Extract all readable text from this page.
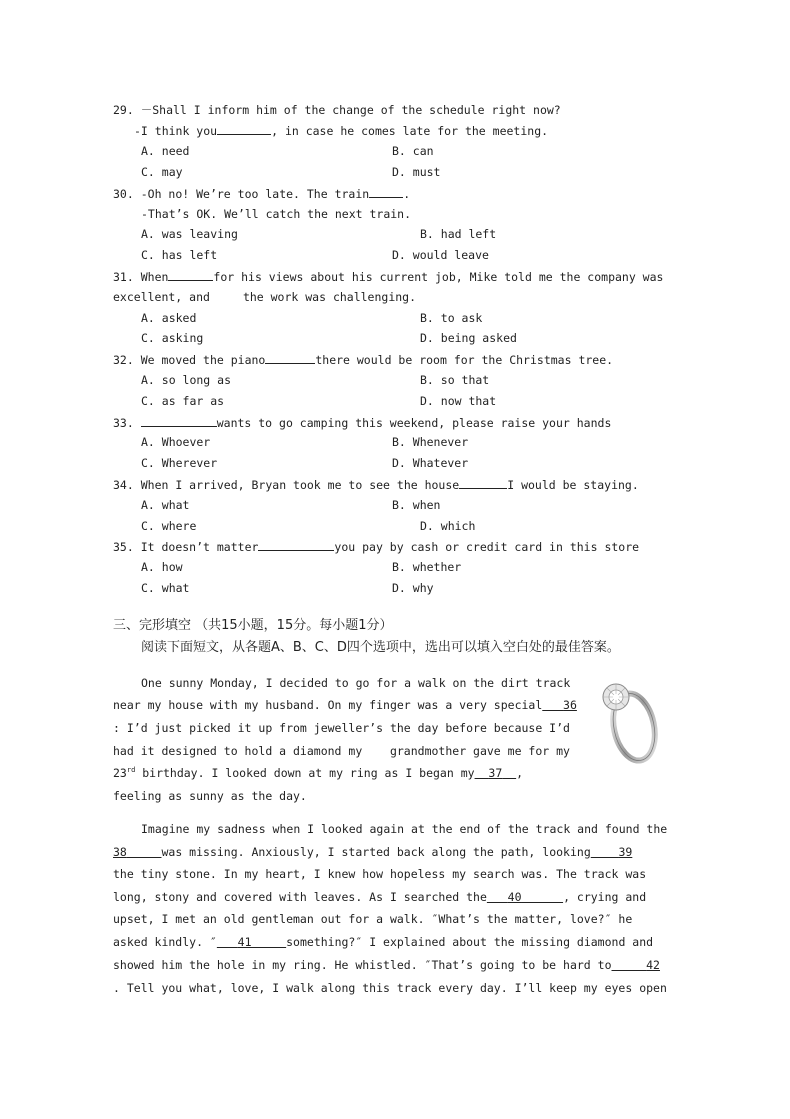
29. －Shall I inform him of the change of the schedule right now?
-I think you	, in case he comes late for the meeting.
A. need	B. can
C. may	D. must
30. -Oh no! We’re too late. The train	.
-That’s OK. We’ll catch the next train.
A. was leaving	B. had left
C. has left	D. would leave
31. When	for his views about his current job, Mike told me the company was
excellent, and	the work was challenging.
A. asked	B. to ask
C. asking	D. being asked
32. We moved the piano	there would be room for the Christmas tree.
A. so long as	B. so that
C. as far as	D. now that
33.	wants to go camping this weekend, please raise your hands
A. Whoever	B. Whenever
C. Wherever	D. Whatever
34. When I arrived, Bryan took me to see the house	I would be staying.
A. what	B. when
C. where	D. which
35. It doesn’t matter	you pay by cash or credit card in this store
A. how	B. whether
C. what	D. why
三、完形填空 （共15小题，15分。每小题1分）
阅读下面短文，从各题A、B、C、D四个选项中，选出可以填入空白处的最佳答案。
One sunny Monday, I decided to go for a walk on the dirt track
near my house with my husband. On my finger was a very special 36
: I’d just picked it up from jeweller’s the day before because I’d
had it designed to hold a diamond my grandmother gave me for my
23rd birthday. I looked down at my ring as I began my 37 ,
feeling as sunny as the day.
Imagine my sadness when I looked again at the end of the track and found the
38	was missing. Anxiously, I started back along the path, looking 39
the tiny stone. In my heart, I knew how hopeless my search was. The track was
long, stony and covered with leaves. As I searched the 40	, crying and
upset, I met an old gentleman out for a walk. ″What’s the matter, love?″ he
asked kindly. ″ 41	something?″ I explained about the missing diamond and
showed him the hole in my ring. He whistled. ″That’s going to be hard to	42
. Tell you what, love, I walk along this track every day. I’ll keep my eyes open
